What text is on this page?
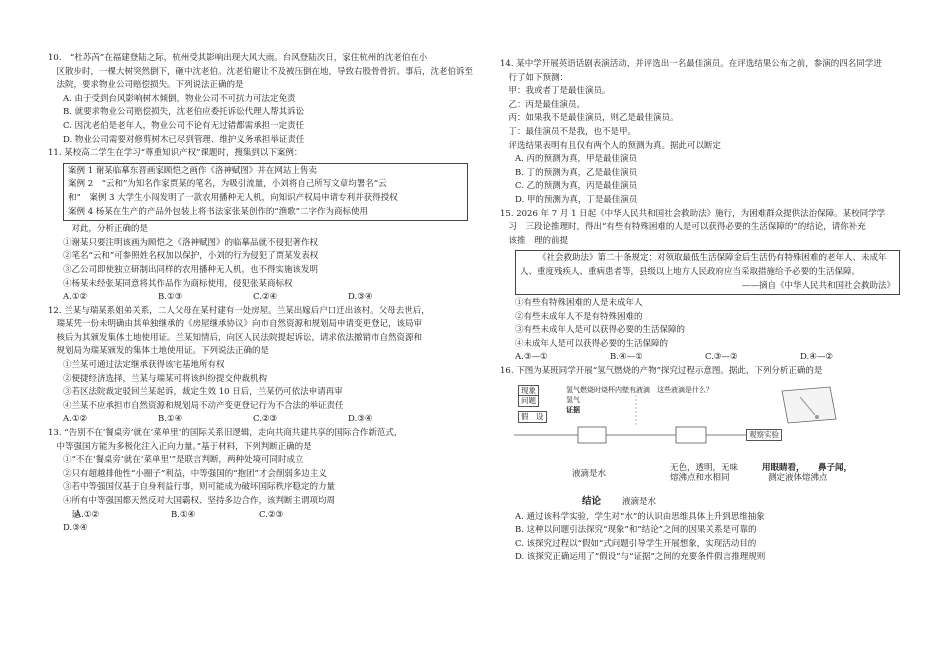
10.　“杜苏芮”在福建登陆之际，杭州受其影响出现大风大雨。台风登陆次日，家住杭州的沈老伯在小

　区散步时，一棵大树突然倒下，砸中沈老伯。沈老伯避让不及被压倒在地，导致右股骨骨折。事后，沈老伯诉至

　法院，要求物业公司赔偿损失。下列说法正确的是

A. 由于受到台风影响树木倾倒，物业公司不可抗力可法定免责

B. 就要求物业公司赔偿损失，沈老伯应委托诉讼代理人帮其诉讼

C. 因沈老伯是老年人，物业公司不论有无过错都需承担一定责任

D. 物业公司需要对修剪树木已尽到管理、维护义务承担举证责任

11. 某校高二学生在学习“尊重知识产权”课题时，搜集到以下案例：

案例 1 谢某临摹东晋画家顾恺之画作《洛神赋图》并在网站上售卖

案例 2　“云和”为知名作家贾某的笔名，为吸引流量，小刘将自己所写文章均署名“云

和”　案例 3 大学生小闯发明了一款农用播种无人机，向知识产权局申请专利并获得授权

案例 4 杨某在生产的产品外包装上将书法家张某创作的“渔歌”二字作为商标使用

　对此，分析正确的是

①谢某只要注明该画为顾恺之《洛神赋图》的临摹品就不侵犯著作权

②笔名“云和”可参照姓名权加以保护，小刘的行为侵犯了贾某发表权

③乙公司即使独立研制出同样的农用播种无人机，也不得实施该发明

④杨某未经张某同意将其作品作为商标使用，侵犯张某商标权

A.①②	B.①③	C.②④	D.③④

12. 兰某与瑞某系姐弟关系，二人父母在某村建有一处房屋。兰某出嫁后户口迁出该村。父母去世后，

　瑞某凭一份未明确由其单独继承的《房屋继承协议》向市自然资源和规划局申请变更登记，该局审

　核后为其颁发集体土地使用证。兰某知情后，向区人民法院提起诉讼，请求依法撤销市自然资源和

　规划局为瑞某颁发的集体土地使用证。下列说法正确的是

①兰某可通过法定继承获得该宅基地所有权

②便捷经济选择，兰某与瑞某可将该纠纷提交仲裁机构

③若区法院裁定驳回兰某起诉，裁定生效 10 日后，兰某仍可依法申请再审

④兰某不应承担市自然资源和规划局不动产变更登记行为不合法的举证责任

A.①②	B.①④	C.②③	D.③④

13. “告别不在‘餐桌旁’就在‘菜单里’的国际关系旧逻辑，走向共商共建共享的国际合作新范式，

　中等强国方能为多极化注入正向力量。”基于材料，下列判断正确的是

①“不在‘餐桌旁’就在‘菜单里’”是联言判断，两种处境可同时成立

②只有超越排他性“小圈子”利益，中等强国的“抱团”才会削弱多边主义

③若中等强国仅基于自身利益行事，则可能成为破坏国际秩序稳定的力量

④所有中等强国都天然反对大国霸权、坚持多边合作，该判断主谓项均周

　延
A.①②	B.①④	C.②③

D.③④

14. 某中学开展英语话剧表演活动，并评选出一名最佳演员。在评选结果公布之前，参演的四名同学进

　行了如下预测：

　甲：我或者丁是最佳演员。

　乙：丙是最佳演员。

　丙：如果我不是最佳演员，则乙是最佳演员。

　丁：最佳演员不是我，也不是甲。

　评选结果表明有且仅有两个人的预测为真。据此可以断定

A. 丙的预测为真，甲是最佳演员

B. 丁的预测为真，乙是最佳演员

C. 乙的预测为真，丙是最佳演员

D. 甲的预测为真，丁是最佳演员

15. 2026 年 7 月 1 日起《中华人民共和国社会救助法》施行，为困难群众提供法治保障。某校同学学

　习　三段论推理时，得出“有些有特殊困难的人是可以获得必要的生活保障的”的结论，请你补充

　该推　理的前提

《社会救助法》第二十条规定：对领取最低生活保障金后生活仍有特殊困难的老年人、未成年

人、重度残疾人、重病患者等，县级以上地方人民政府应当采取措施给予必要的生活保障。

——摘自《中华人民共和国社会救助法》

①有些有特殊困难的人是未成年人

②有些未成年人不是有特殊困难的

③有些未成年人是可以获得必要的生活保障的

④未成年人是可以获得必要的生活保障的

A.③—①	B.④—①	C.③—②	D.④—②

16. 下图为某班同学开展“氢气燃烧的产物”探究过程示意图。据此，下列分析正确的是

现象
问题
假　设
氢气燃烧时烧杯内壁有液滴　这些液滴是什么？
氢气
证据
观察实验
液滴是水
无色，透明，无味
熔沸点和水相同
用眼睛看， 鼻子闻，
测定液体熔沸点
结论 液滴是水

A. 通过该科学实验，学生对“水”的认识由思维具体上升到思维抽象

B. 这种以问题引法探究“现象”和“结论”之间的因果关系是可靠的

C. 该探究过程以“假如”式问题引导学生开展想象，实现活动目的

D. 该探究正确运用了“假设”与“证据”之间的充要条件假言推理规则
